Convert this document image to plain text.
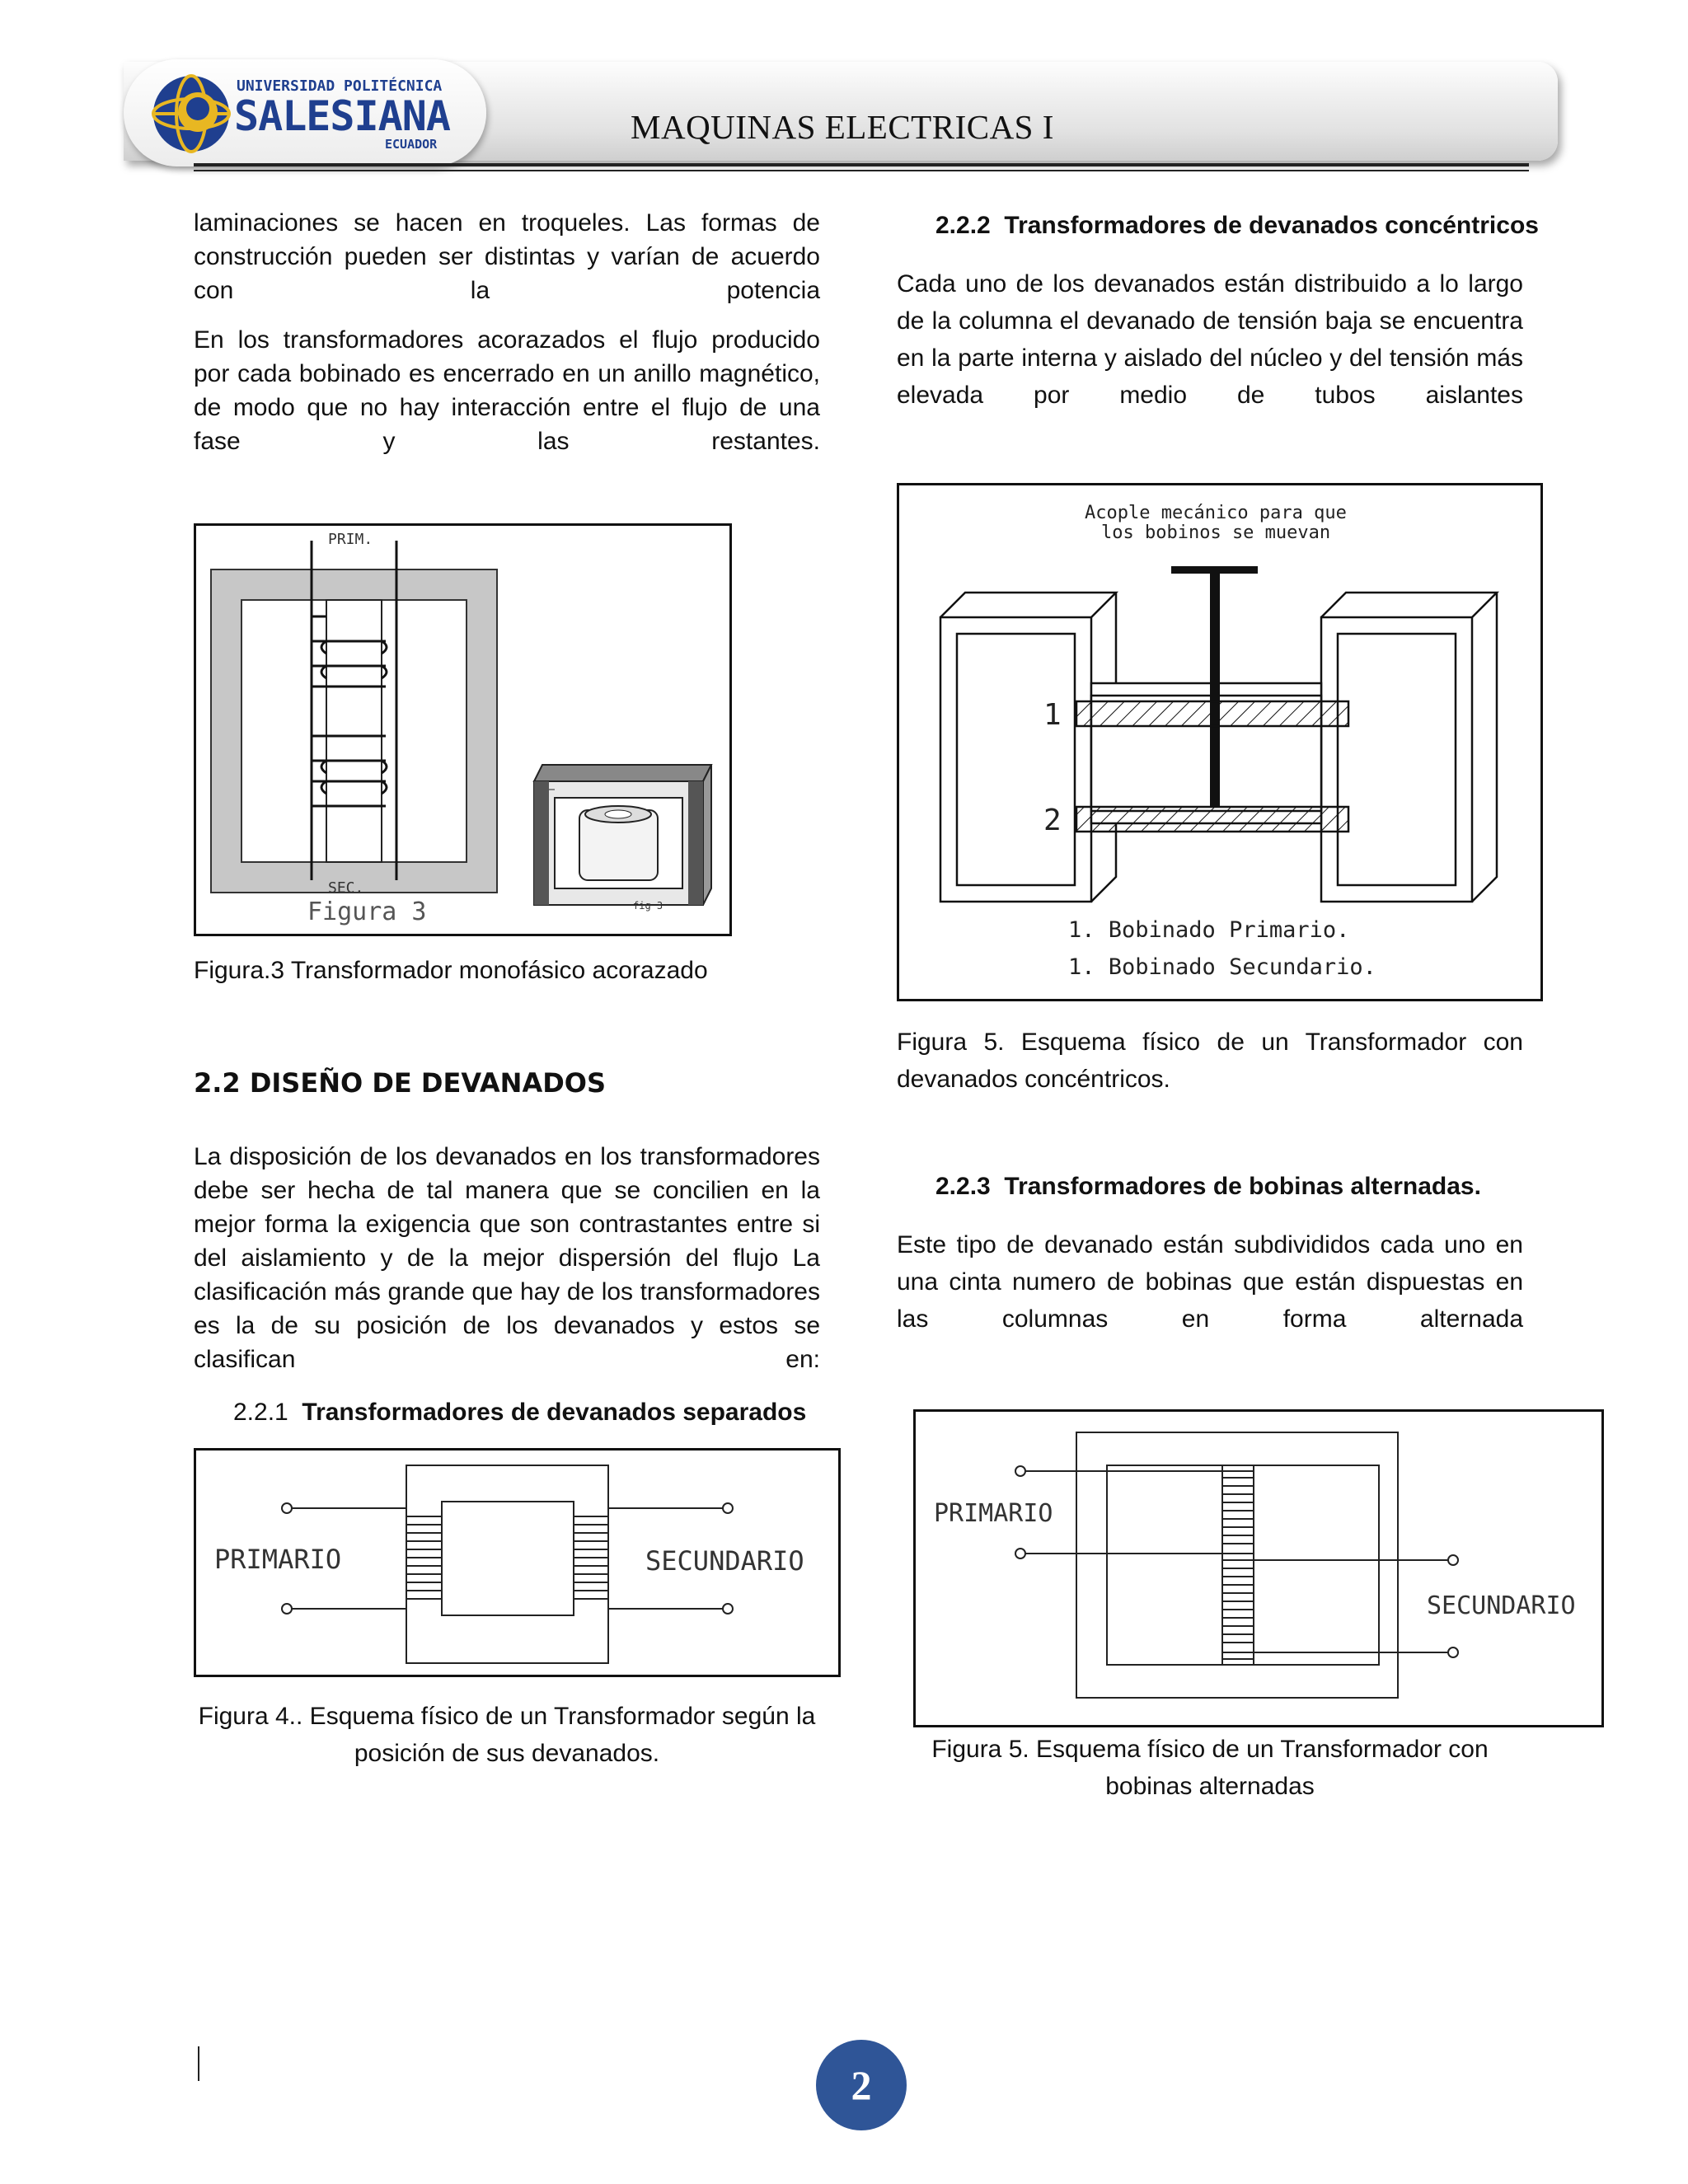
UNIVERSIDAD POLITÉCNICA
SALESIANA
ECUADOR	MAQUINAS ELECTRICAS I
laminaciones se hacen en troqueles. Las formas de construcción pueden ser distintas y varían de acuerdo con la potencia
En los transformadores acorazados el flujo producido por cada bobinado es encerrado en un anillo magnético, de modo que no hay interacción entre el flujo de una fase y las restantes.
PRIM.
SEC.
Figura 3	fig 3
Figura.3 Transformador monofásico acorazado
2.2 DISEÑO DE DEVANADOS
La disposición de los devanados en los transformadores debe ser hecha de tal manera que se concilien en la mejor forma la exigencia que son contrastantes entre si del aislamiento y de la mejor dispersión del flujo La clasificación más grande que hay de los transformadores es la de su posición de los devanados y estos se clasifican en:
2.2.1 Transformadores de devanados separados
PRIMARIO	SECUNDARIO
Figura 4.. Esquema físico de un Transformador según la
posición de sus devanados.
2.2.2 Transformadores de devanados concéntricos
Cada uno de los devanados están distribuido a lo largo de la columna el devanado de tensión baja se encuentra en la parte interna y aislado del núcleo y del tensión más elevada por medio de tubos aislantes
Acople mecánico para que
los bobinos se muevan
1
2
1. Bobinado Primario.
1. Bobinado Secundario.
Figura 5. Esquema físico de un Transformador con
devanados concéntricos.
2.2.3 Transformadores de bobinas alternadas.
Este tipo de devanado están subdivididos cada uno en una cinta numero de bobinas que están dispuestas en las columnas en forma alternada
PRIMARIO
SECUNDARIO
Figura 5. Esquema físico de un Transformador con
bobinas alternadas
2
